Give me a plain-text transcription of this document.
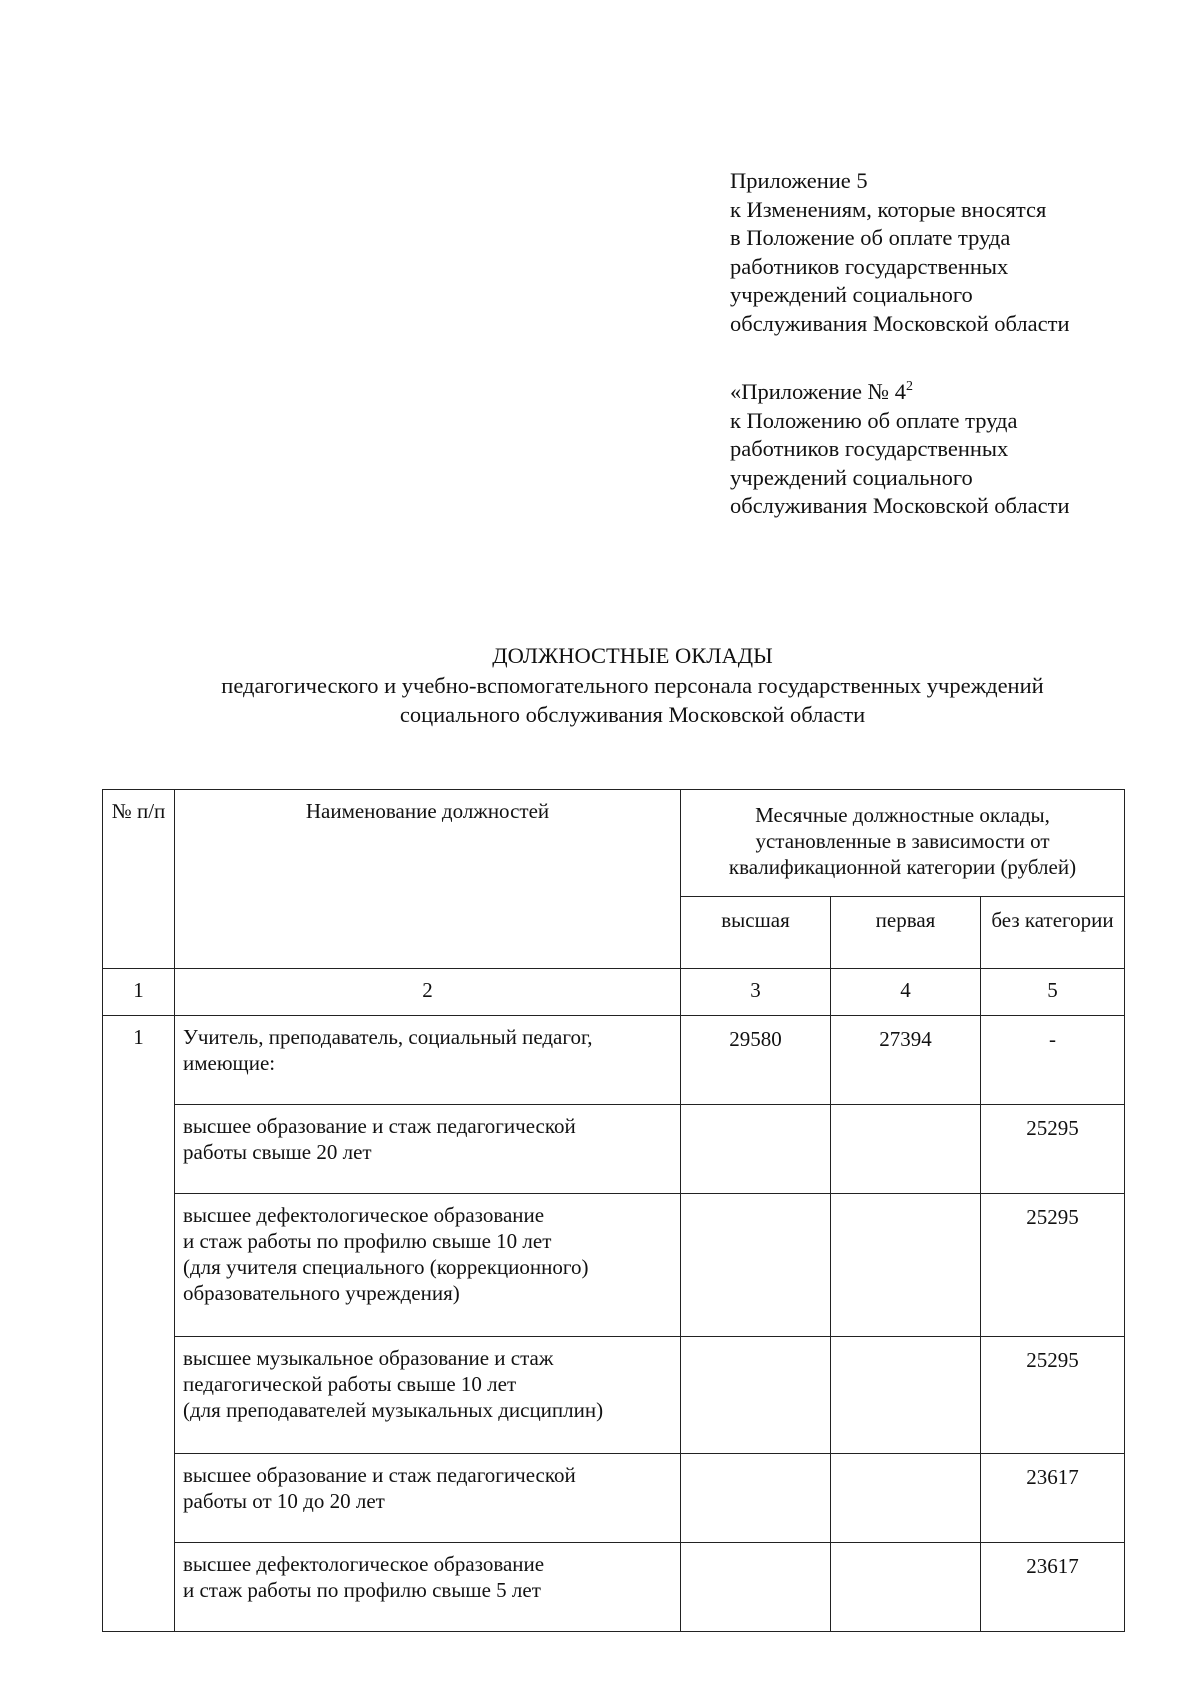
Приложение 5
к Изменениям, которые вносятся
в Положение об оплате труда
работников государственных
учреждений социального
обслуживания Московской области
«Приложение № $4^2$
к Положению об оплате труда
работников государственных
учреждений социального
обслуживания Московской области
ДОЛЖНОСТНЫЕ ОКЛАДЫ
педагогического и учебно-вспомогательного персонала государственных учреждений
социального обслуживания Московской области
№ п/п	Наименование должностей	Месячные должностные оклады, установленные в зависимости от квалификационной категории (рублей)		
		высшая	первая	без категории
1	2	3	4	5
1	Учитель, преподаватель, социальный педагог,
имеющие:	29580	27394	-

	высшее образование и стаж педагогической
работы свыше 20 лет			25295

	высшее дефектологическое образование
и стаж работы по профилю свыше 10 лет
(для учителя специального (коррекционного)
образовательного учреждения)			25295

	высшее музыкальное образование и стаж
педагогической работы свыше 10 лет
(для преподавателей музыкальных дисциплин)			25295

	высшее образование и стаж педагогической
работы от 10 до 20 лет			23617

	высшее дефектологическое образование
и стаж работы по профилю свыше 5 лет			23617
